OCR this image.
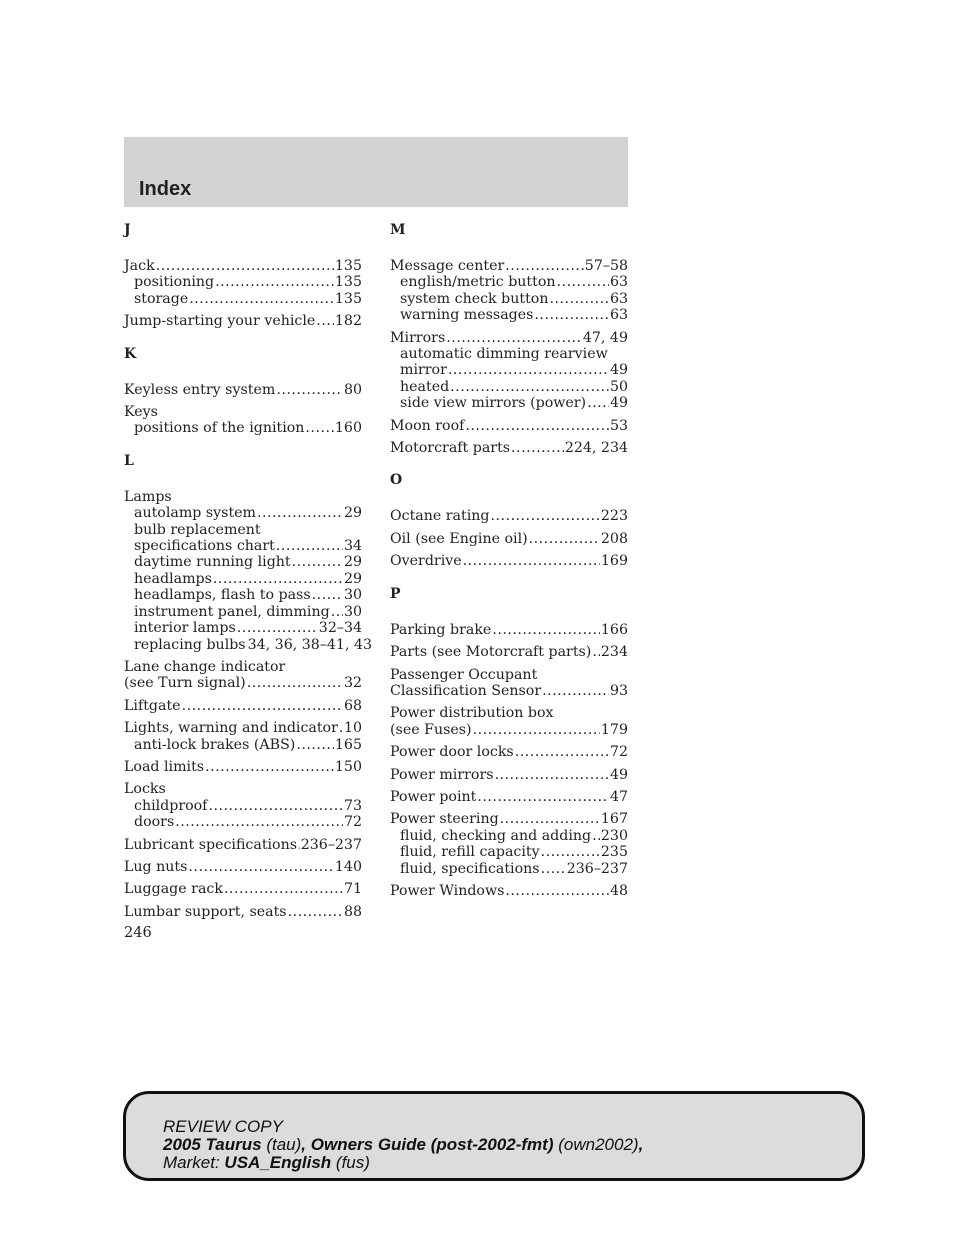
Index
J
Jack .....	135
positioning .....	135
storage .....	135
Jump-starting your vehicle ..... 182
K
Keyless entry system .....	80
Keys
positions of the ignition ..... 160
L
Lamps
autolamp system .....	29
bulb replacement
specifications chart .....	34
daytime running light .....	29
headlamps .....	29
headlamps, flash to pass ..... 30
instrument panel, dimming ..... 30
interior lamps .....	32–34
replacing bulbs 34, 36, 38–41, 43
Lane change indicator
(see Turn signal) .....	32
Liftgate .....	68
Lights, warning and indicator ..... 10
anti-lock brakes (ABS) .....	165
Load limits .....	150
Locks
childproof .....	73
doors .....	72
Lubricant specifications ..... 236–237
Lug nuts .....	140
Luggage rack .....	71
Lumbar support, seats .....	88
M
Message center .....	57–58
english/metric button .....	63
system check button .....	63
warning messages .....	63
Mirrors .....	47, 49
automatic dimming rearview
mirror .....	49
heated .....	50
side view mirrors (power) ..... 49
Moon roof .....	53
Motorcraft parts .....	224, 234
O
Octane rating .....	223
Oil (see Engine oil) .....	208
Overdrive .....	169
P
Parking brake .....	166
Parts (see Motorcraft parts) ..... 234
Passenger Occupant
Classification Sensor .....	93
Power distribution box
(see Fuses) .....	179
Power door locks .....	72
Power mirrors .....	49
Power point .....	47
Power steering .....	167
fluid, checking and adding ..... 230
fluid, refill capacity .....	235
fluid, specifications ..... 236–237
Power Windows .....	48
246
REVIEW COPY
2005 Taurus (tau), Owners Guide (post-2002-fmt) (own2002),
Market: USA_English (fus)
